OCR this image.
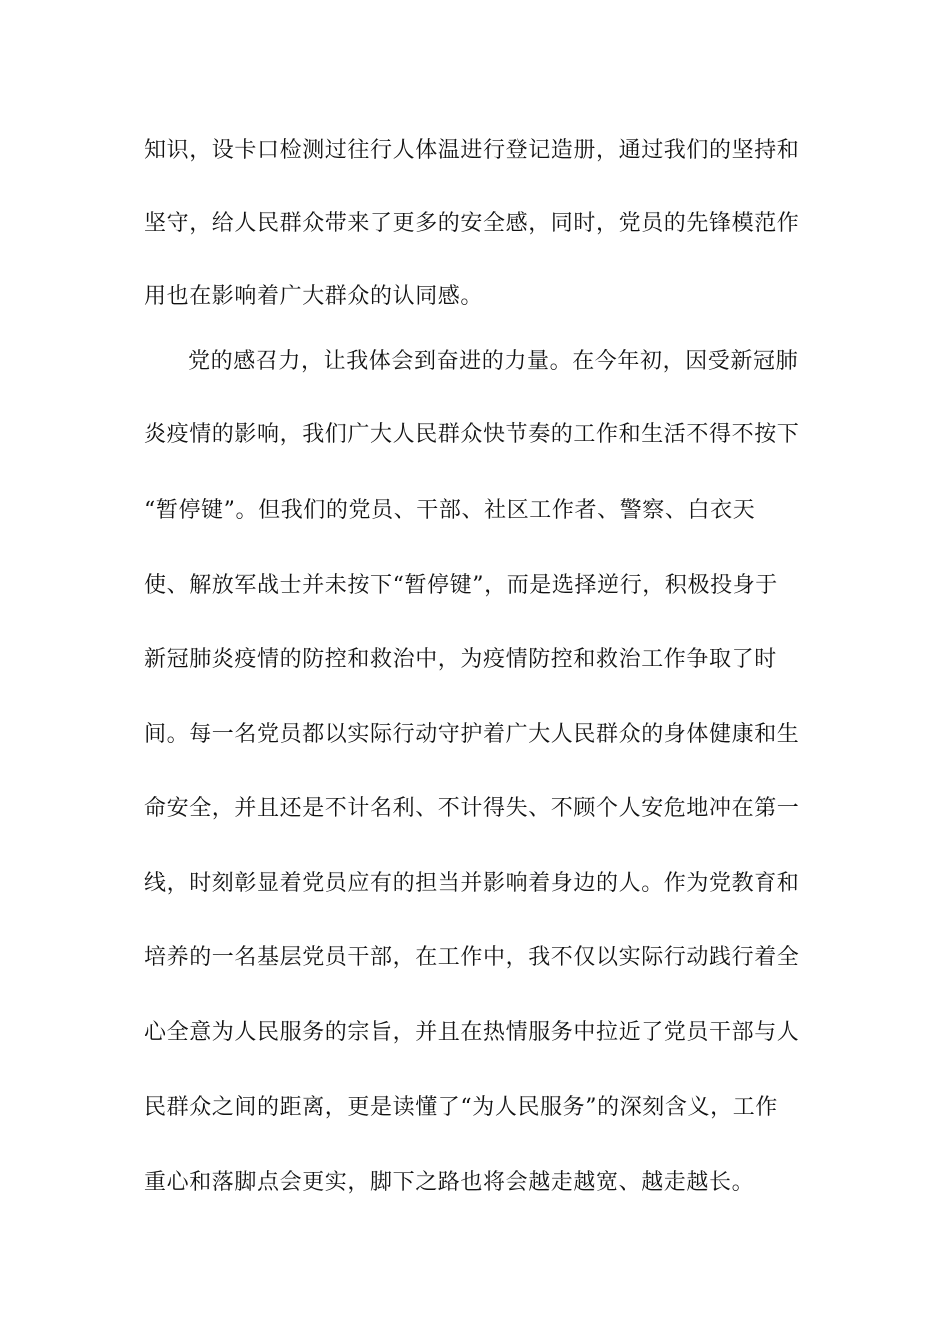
知识，设卡口检测过往行人体温进行登记造册，通过我们的坚持和
坚守，给人民群众带来了更多的安全感，同时，党员的先锋模范作
用也在影响着广大群众的认同感。
党的感召力，让我体会到奋进的力量。在今年初，因受新冠肺
炎疫情的影响，我们广大人民群众快节奏的工作和生活不得不按下
“暂停键”。但我们的党员、干部、社区工作者、警察、白衣天
使、解放军战士并未按下“暂停键”，而是选择逆行，积极投身于
新冠肺炎疫情的防控和救治中，为疫情防控和救治工作争取了时
间。每一名党员都以实际行动守护着广大人民群众的身体健康和生
命安全，并且还是不计名利、不计得失、不顾个人安危地冲在第一
线，时刻彰显着党员应有的担当并影响着身边的人。作为党教育和
培养的一名基层党员干部，在工作中，我不仅以实际行动践行着全
心全意为人民服务的宗旨，并且在热情服务中拉近了党员干部与人
民群众之间的距离，更是读懂了“为人民服务”的深刻含义，工作
重心和落脚点会更实，脚下之路也将会越走越宽、越走越长。
